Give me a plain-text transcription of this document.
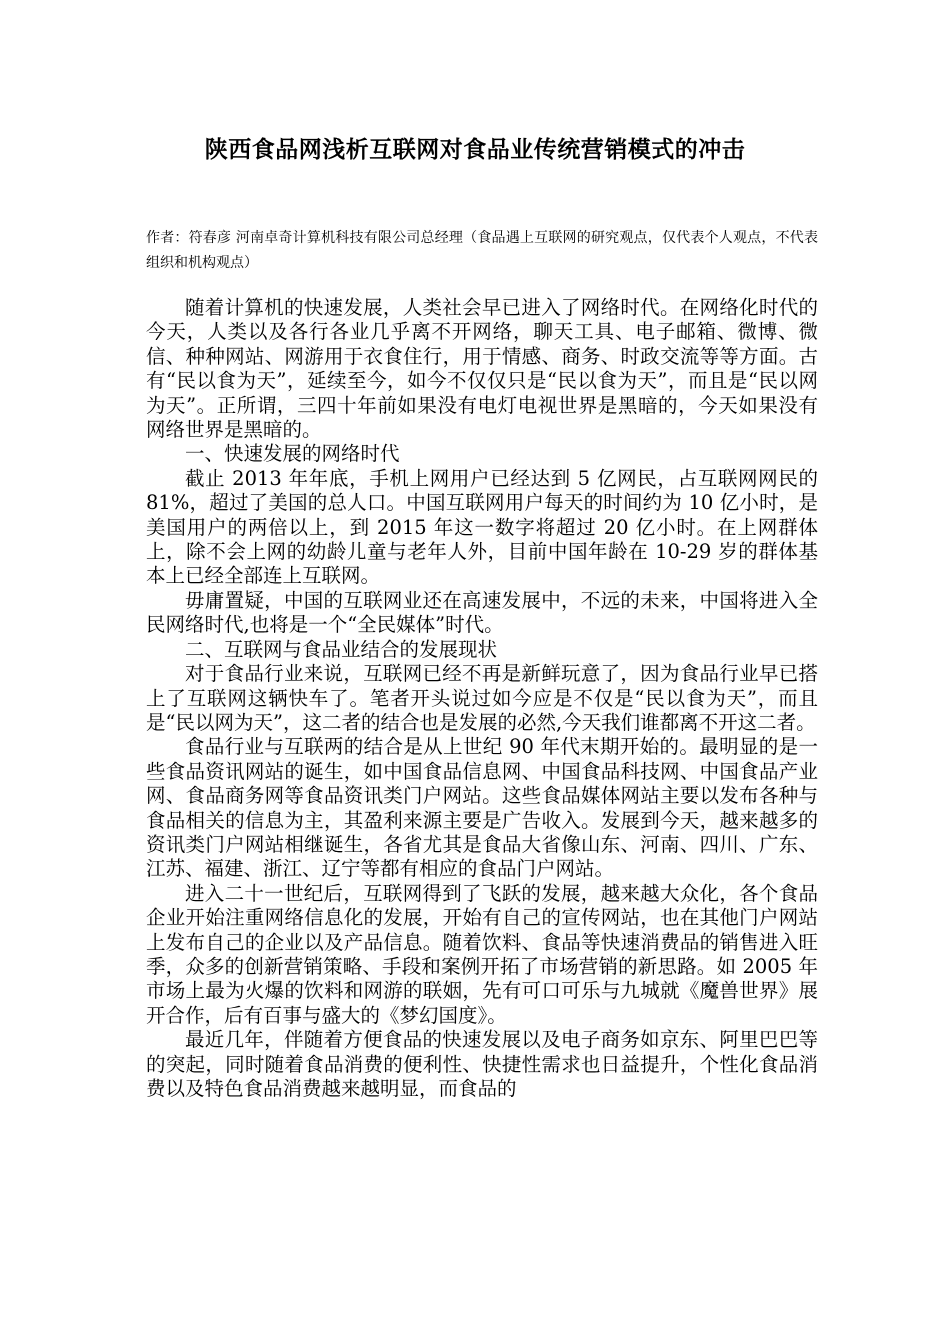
陕西食品网浅析互联网对食品业传统营销模式的冲击
作者：符春彦 河南卓奇计算机科技有限公司总经理（食品遇上互联网的研究观点，仅代表个人观点，不代表组织和机构观点）

随着计算机的快速发展，人类社会早已进入了网络时代。在网络化时代的今天，人类以及各行各业几乎离不开网络，聊天工具、电子邮箱、微博、微信、种种网站、网游用于衣食住行，用于情感、商务、时政交流等等方面。古有“民以食为天”，延续至今，如今不仅仅只是“民以食为天”，而且是“民以网为天”。正所谓，三四十年前如果没有电灯电视世界是黑暗的，今天如果没有网络世界是黑暗的。

一、快速发展的网络时代

截止 2013 年年底，手机上网用户已经达到 5 亿网民，占互联网网民的 81%，超过了美国的总人口。中国互联网用户每天的时间约为 10 亿小时，是美国用户的两倍以上，到 2015 年这一数字将超过 20 亿小时。在上网群体上，除不会上网的幼龄儿童与老年人外，目前中国年龄在 10-29 岁的群体基本上已经全部连上互联网。

毋庸置疑，中国的互联网业还在高速发展中，不远的未来，中国将进入全民网络时代,也将是一个“全民媒体”时代。

二、互联网与食品业结合的发展现状

对于食品行业来说，互联网已经不再是新鲜玩意了，因为食品行业早已搭上了互联网这辆快车了。笔者开头说过如今应是不仅是“民以食为天”，而且是“民以网为天”，这二者的结合也是发展的必然,今天我们谁都离不开这二者。

食品行业与互联两的结合是从上世纪 90 年代末期开始的。最明显的是一些食品资讯网站的诞生，如中国食品信息网、中国食品科技网、中国食品产业网、食品商务网等食品资讯类门户网站。这些食品媒体网站主要以发布各种与食品相关的信息为主，其盈利来源主要是广告收入。发展到今天，越来越多的资讯类门户网站相继诞生，各省尤其是食品大省像山东、河南、四川、广东、江苏、福建、浙江、辽宁等都有相应的食品门户网站。

进入二十一世纪后，互联网得到了飞跃的发展，越来越大众化，各个食品企业开始注重网络信息化的发展，开始有自己的宣传网站，也在其他门户网站上发布自己的企业以及产品信息。随着饮料、食品等快速消费品的销售进入旺季，众多的创新营销策略、手段和案例开拓了市场营销的新思路。如 2005 年市场上最为火爆的饮料和网游的联姻，先有可口可乐与九城就《魔兽世界》展开合作，后有百事与盛大的《梦幻国度》。

最近几年，伴随着方便食品的快速发展以及电子商务如京东、阿里巴巴等的突起，同时随着食品消费的便利性、快捷性需求也日益提升，个性化食品消费以及特色食品消费越来越明显，而食品的
